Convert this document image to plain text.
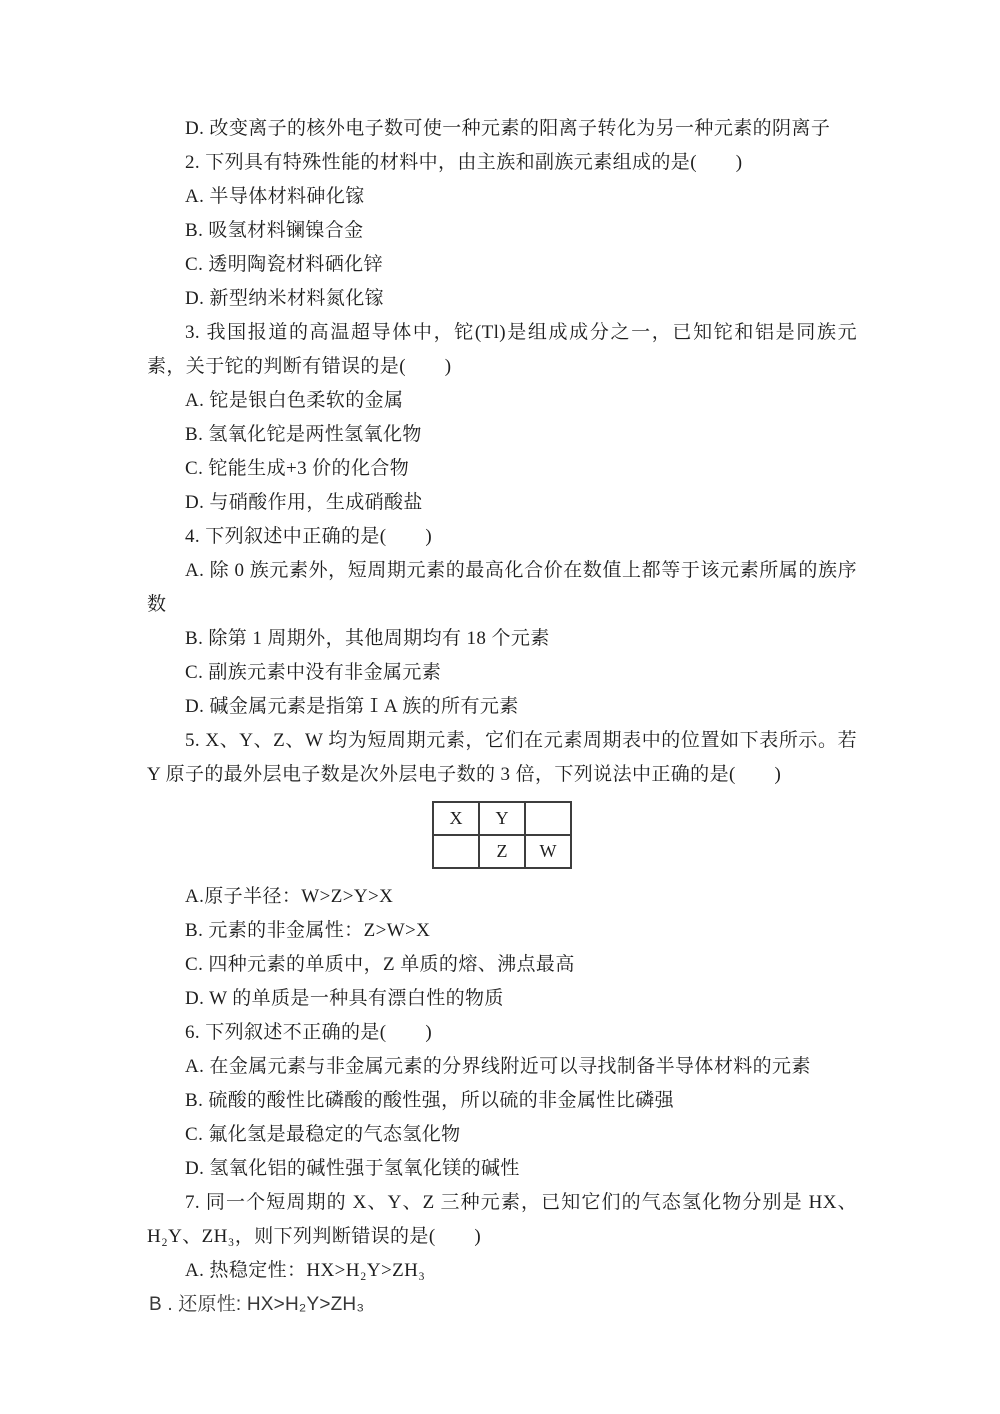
D. 改变离子的核外电子数可使一种元素的阳离子转化为另一种元素的阴离子

2. 下列具有特殊性能的材料中，由主族和副族元素组成的是(　　)

A. 半导体材料砷化镓

B. 吸氢材料镧镍合金

C. 透明陶瓷材料硒化锌

D. 新型纳米材料氮化镓

3. 我国报道的高温超导体中，铊(Tl)是组成成分之一，已知铊和铝是同族元素，关于铊的判断有错误的是(　　)

A. 铊是银白色柔软的金属

B. 氢氧化铊是两性氢氧化物

C. 铊能生成+3 价的化合物

D. 与硝酸作用，生成硝酸盐

4. 下列叙述中正确的是(　　)

A. 除 0 族元素外，短周期元素的最高化合价在数值上都等于该元素所属的族序数

B. 除第 1 周期外，其他周期均有 18 个元素

C. 副族元素中没有非金属元素

D. 碱金属元素是指第ⅠA 族的所有元素

5. X、Y、Z、W 均为短周期元素，它们在元素周期表中的位置如下表所示。若 Y 原子的最外层电子数是次外层电子数的 3 倍，下列说法中正确的是(　　)

X	Y	
	Z	W

A.原子半径：W>Z>Y>X

B. 元素的非金属性：Z>W>X

C. 四种元素的单质中，Z 单质的熔、沸点最高

D. W 的单质是一种具有漂白性的物质

6. 下列叙述不正确的是(　　)

A. 在金属元素与非金属元素的分界线附近可以寻找制备半导体材料的元素

B. 硫酸的酸性比磷酸的酸性强，所以硫的非金属性比磷强

C. 氟化氢是最稳定的气态氢化物

D. 氢氧化铝的碱性强于氢氧化镁的碱性

7. 同一个短周期的 X、Y、Z 三种元素，已知它们的气态氢化物分别是 HX、H₂Y、ZH₃，则下列判断错误的是(　　)

A. 热稳定性：HX>H₂Y>ZH₃

B . 还原性: HX>H₂Y>ZH₃
